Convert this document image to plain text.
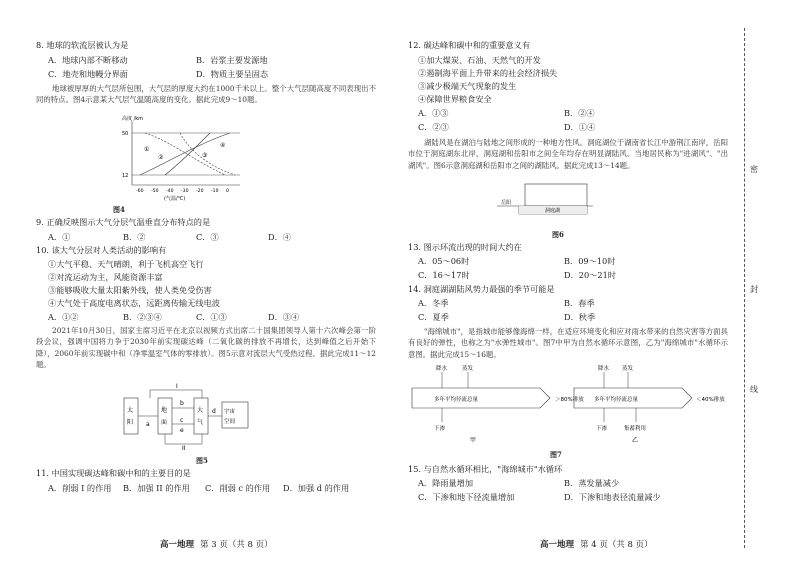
8. 地球的软流层被认为是
A．地球内部不断移动	B．岩浆主要发源地
C．地壳和地幔分界面	D．物质主要呈固态
地球被厚厚的大气层所包围，大气层的厚度大约在1000千米以上。整个大气层随高度不同表现出不同的特点。图4示意某大气层气温随高度的变化。据此完成9～10题。
高度 /km
50
12
①
②	③
④
-60 -50 -40 -30 -20 -10 0
(气温/℃)
图4
9. 正确反映图示大气分层气温垂直分布特点的是
A．①	B．②	C．③	D．④
10. 该大气分层对人类活动的影响有
①大气平稳、天气晴朗，利于飞机高空飞行
②对流运动为主，风能资源丰富
③能够吸收大量太阳紫外线，使人类免受伤害
④大气处于高度电离状态，远距离传输无线电波
A．①②	B．②③④	C．①③	D．③④
2021年10月30日，国家主席习近平在北京以视频方式出席二十国集团领导人第十六次峰会第一阶段会议，强调中国将力争于2030年前实现碳达峰（二氧化碳的排放不再增长，达到峰值之后开始下降），2060年前实现碳中和（净零温室气体的零排放）。图5示意对流层大气受热过程。据此完成11～12题。
太
阳
地
面
大
气
宇宙
空间
I
II
a
b
c
d
e
图5
11. 中国实现碳达峰和碳中和的主要目的是
A．削弱 I 的作用 B．加强 II 的作用 C．削弱 c 的作用 D．加强 d 的作用
高一地理 第 3 页（共 8 页）
12. 碳达峰和碳中和的重要意义有
①加大煤炭、石油、天然气的开发
②遏制海平面上升带来的社会经济损失
③减少极端天气现象的发生
④保障世界粮食安全
A．①③	B．②④
C．②③	D．①④
湖陆风是在湖泊与陆地之间形成的一种地方性风。洞庭湖位于湖南省长江中游荆江南岸，岳阳市位于洞庭湖东北岸，洞庭湖和岳阳市之间全年均存在明显湖陆风。当地居民称为"进湖风"、"出湖风"。图6示意洞庭湖和岳阳市之间的湖陆风。据此完成13～14题。
岳阳
洞庭湖
图6
13. 图示环流出现的时间大约在
A．05～06时	B．09～10时
C．16～17时	D．20～21时
14. 洞庭湖湖陆风势力最强的季节可能是
A．冬季	B．春季
C．夏季	D．秋季
"海绵城市"，是指城市能够像海绵一样，在适应环境变化和应对雨水带来的自然灾害等方面具有良好的弹性，也称之为"水弹性城市"。图7中甲为自然水循环示意图，乙为"海绵城市"水循环示意图。据此完成15～16题。
多年平均径流总量
降水	蒸发
下渗
＞80%排放
甲
多年平均径流总量
降水 蒸发
下渗	集蓄利用
＜40%排放
乙
图7
15. 与自然水循环相比，"海绵城市"水循环
A．降雨量增加	B．蒸发量减少
C．下渗和地下径流量增加	D．下渗和地表径流量减少
高一地理 第 4 页（共 8 页）
密
封
线
